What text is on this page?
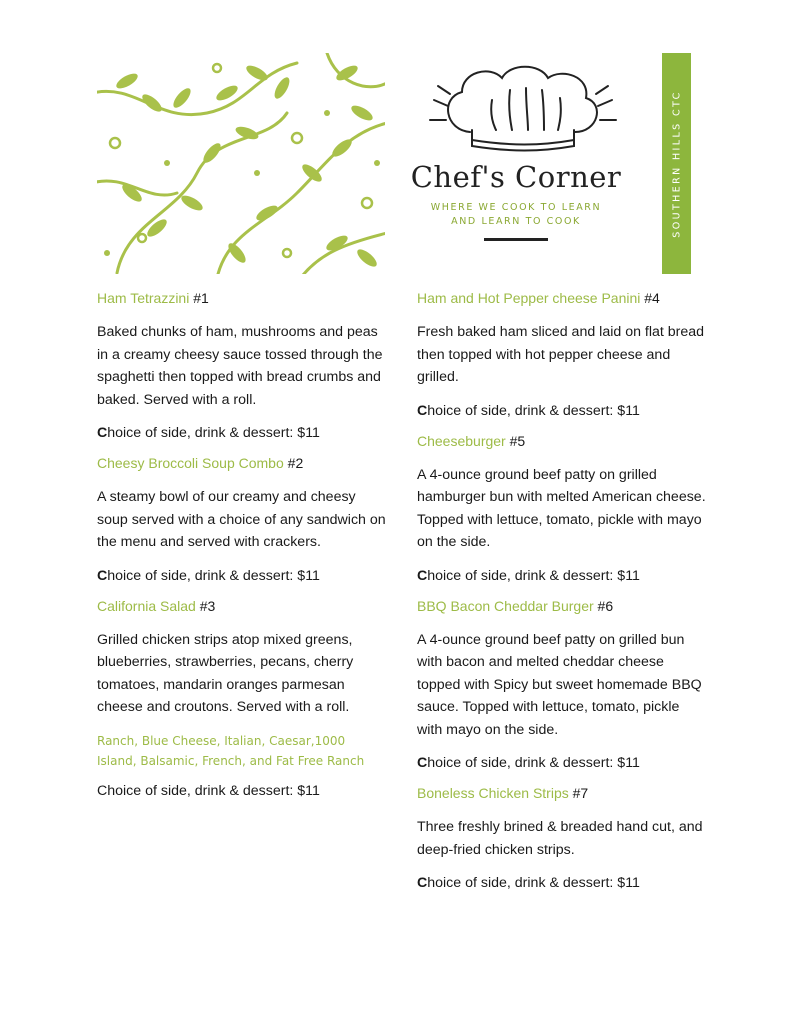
Chef's Corner
WHERE WE COOK TO LEARN
AND LEARN TO COOK	SOUTHERN HILLS CTC

Ham Tetrazzini #1

Baked chunks of ham, mushrooms and peas in a creamy cheesy sauce tossed through the spaghetti then topped with bread crumbs and baked. Served with a roll.

Choice of side, drink & dessert: $11

Cheesy Broccoli Soup Combo #2

A steamy bowl of our creamy and cheesy soup served with a choice of any sandwich on the menu and served with crackers.

Choice of side, drink & dessert: $11

California Salad #3

Grilled chicken strips atop mixed greens, blueberries, strawberries, pecans, cherry tomatoes, mandarin oranges parmesan cheese and croutons. Served with a roll.

Ranch, Blue Cheese, Italian, Caesar,1000 Island, Balsamic, French, and Fat Free Ranch

Choice of side, drink & dessert: $11

Ham and Hot Pepper cheese Panini #4

Fresh baked ham sliced and laid on flat bread then topped with hot pepper cheese and grilled.

Choice of side, drink & dessert: $11

Cheeseburger #5

A 4-ounce ground beef patty on grilled hamburger bun with melted American cheese. Topped with lettuce, tomato, pickle with mayo on the side.

Choice of side, drink & dessert: $11

BBQ Bacon Cheddar Burger #6

A 4-ounce ground beef patty on grilled bun with bacon and melted cheddar cheese topped with Spicy but sweet homemade BBQ sauce. Topped with lettuce, tomato, pickle with mayo on the side.

Choice of side, drink & dessert: $11

Boneless Chicken Strips #7

Three freshly brined & breaded hand cut, and deep-fried chicken strips.

Choice of side, drink & dessert: $11
